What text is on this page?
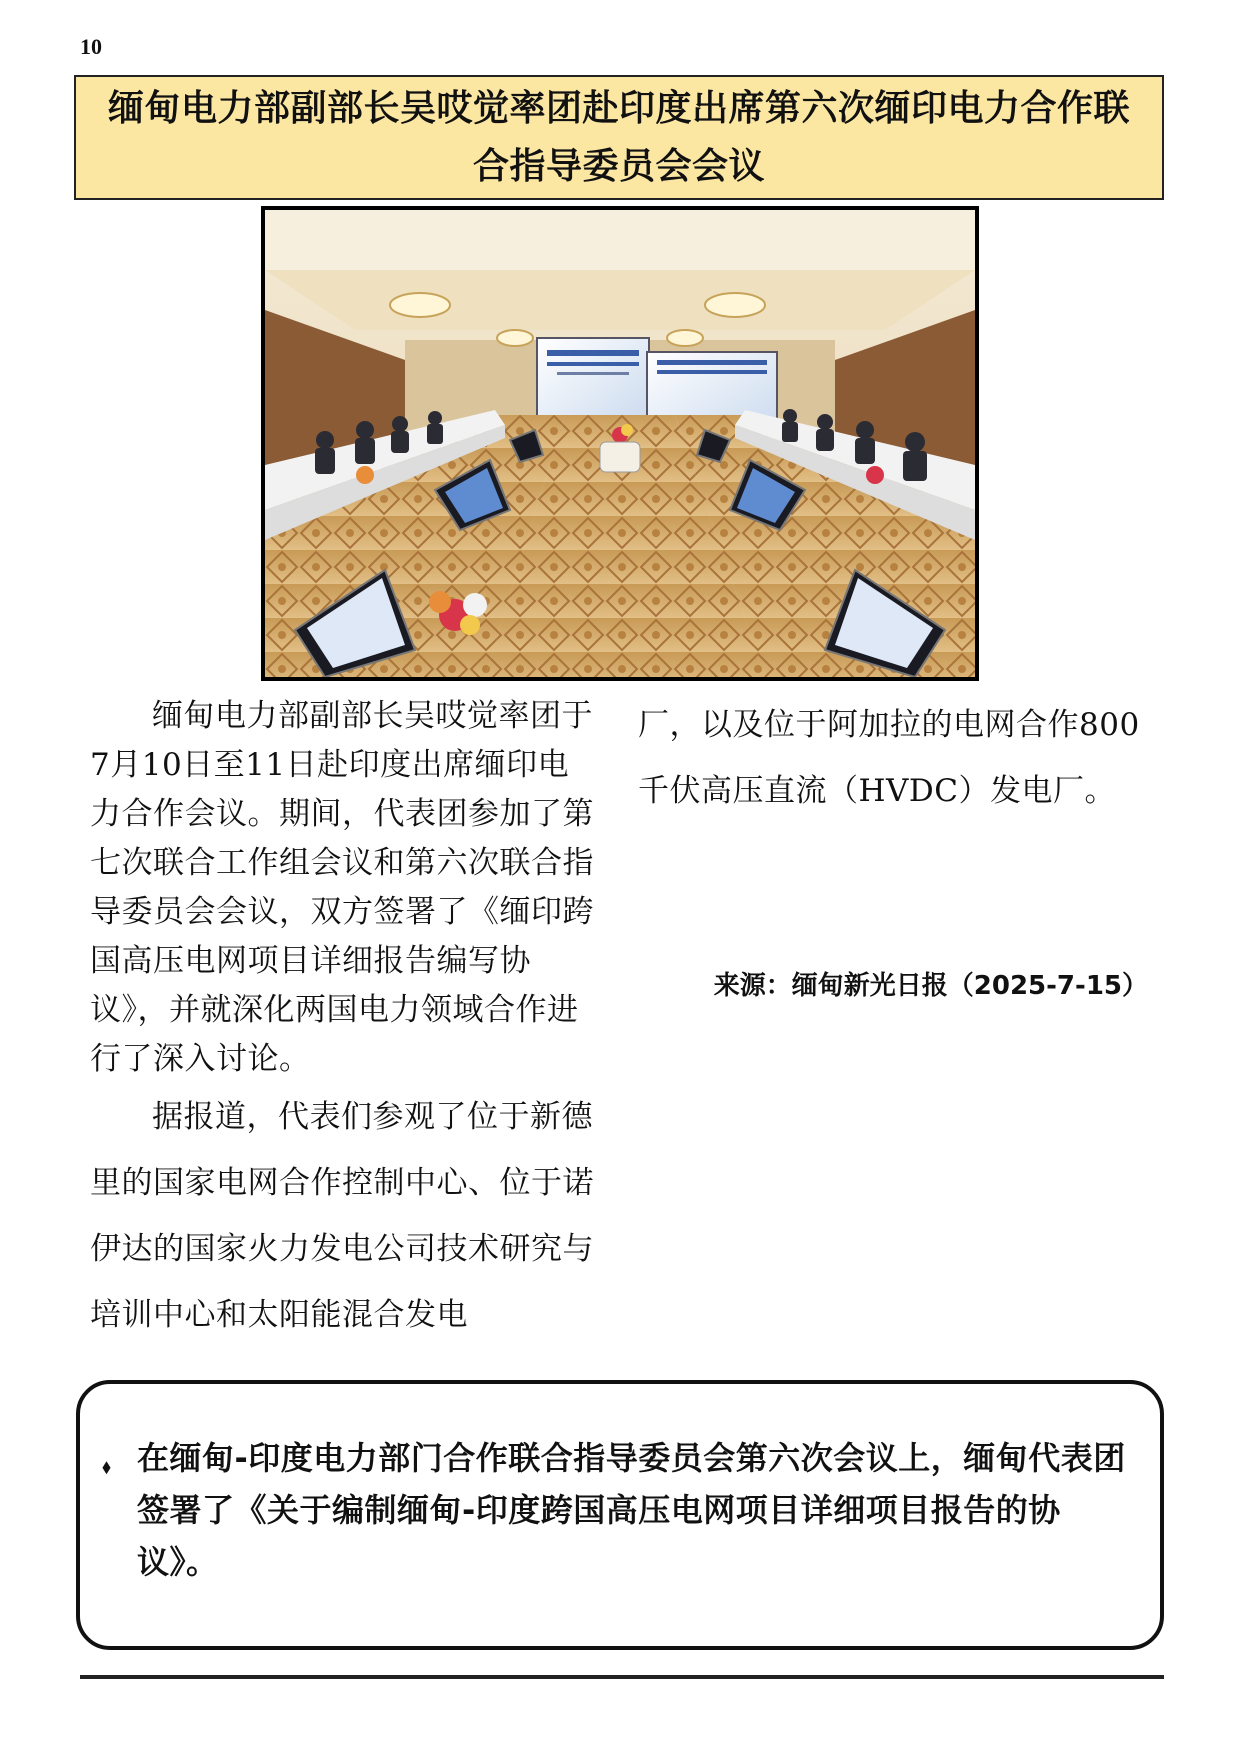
10
缅甸电力部副部长吴哎觉率团赴印度出席第六次缅印电力合作联合指导委员会会议

缅甸电力部副部长吴哎觉率团于7月10日至11日赴印度出席缅印电力合作会议。期间，代表团参加了第七次联合工作组会议和第六次联合指导委员会会议，双方签署了《缅印跨国高压电网项目详细报告编写协议》，并就深化两国电力领域合作进行了深入讨论。

据报道，代表们参观了位于新德里的国家电网合作控制中心、位于诺伊达的国家火力发电公司技术研究与培训中心和太阳能混合发电

厂，以及位于阿加拉的电网合作800千伏高压直流（HVDC）发电厂。

来源：缅甸新光日报（2025-7-15）
⬧ 在缅甸-印度电力部门合作联合指导委员会第六次会议上，缅甸代表团签署了《关于编制缅甸-印度跨国高压电网项目详细项目报告的协议》。
